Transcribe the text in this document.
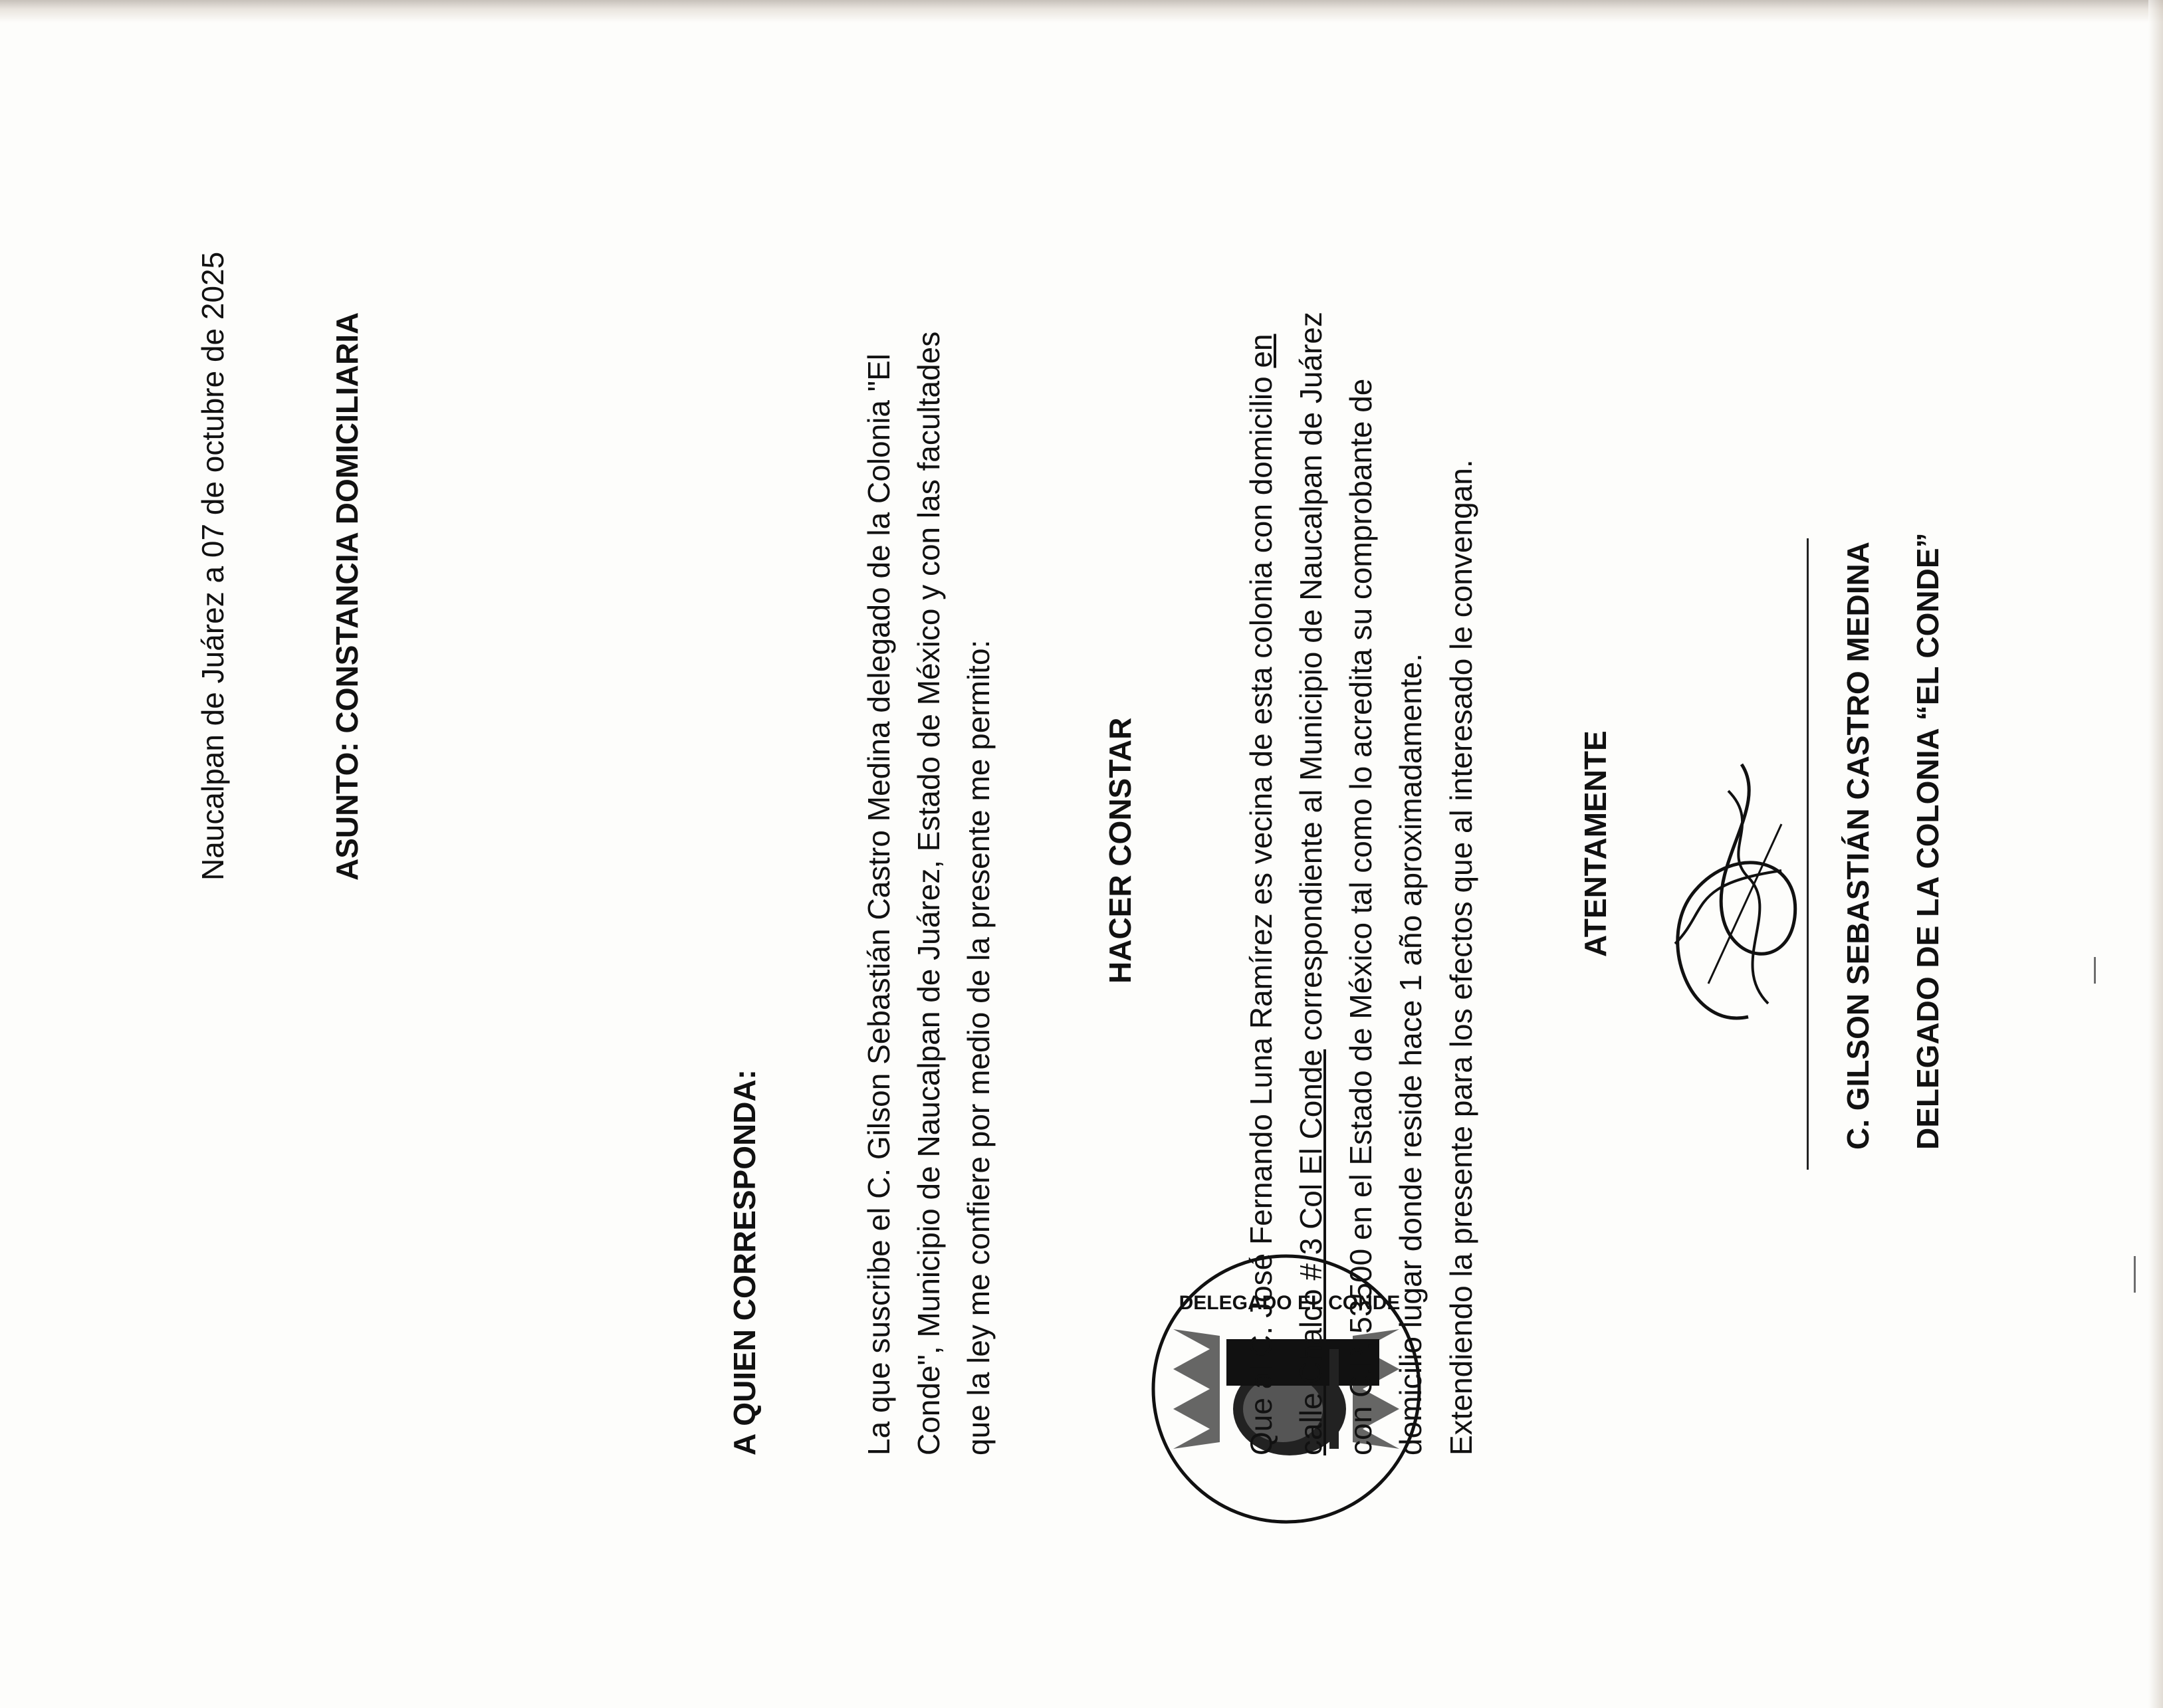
Naucalpan de Juárez a 07 de octubre de 2025	ASUNTO: CONSTANCIA DOMICILIARIA
DELEGADO EL CONDE
A QUIEN CORRESPONDA:	La que suscribe el C. Gilson Sebastián Castro Medina delegado de la Colonia "El Conde", Municipio de Naucalpan de Juárez, Estado de México y con las facultades que la ley me confiere por medio de la presente me permito:	HACER CONSTAR	Que al C. José Fernando Luna Ramírez es vecina de esta colonia con domicilio en
calle Chalco # 3 Col El Conde correspondiente al Municipio de Naucalpan de Juárez con C.P. 53500 en el Estado de México tal como lo acredita su comprobante de domicilio lugar donde reside hace 1 año aproximadamente. Extendiendo la presente para los efectos que al interesado le convengan.	ATENTAMENTE	C. GILSON SEBASTIÁN CASTRO MEDINA DELEGADO DE LA COLONIA “EL CONDE”
